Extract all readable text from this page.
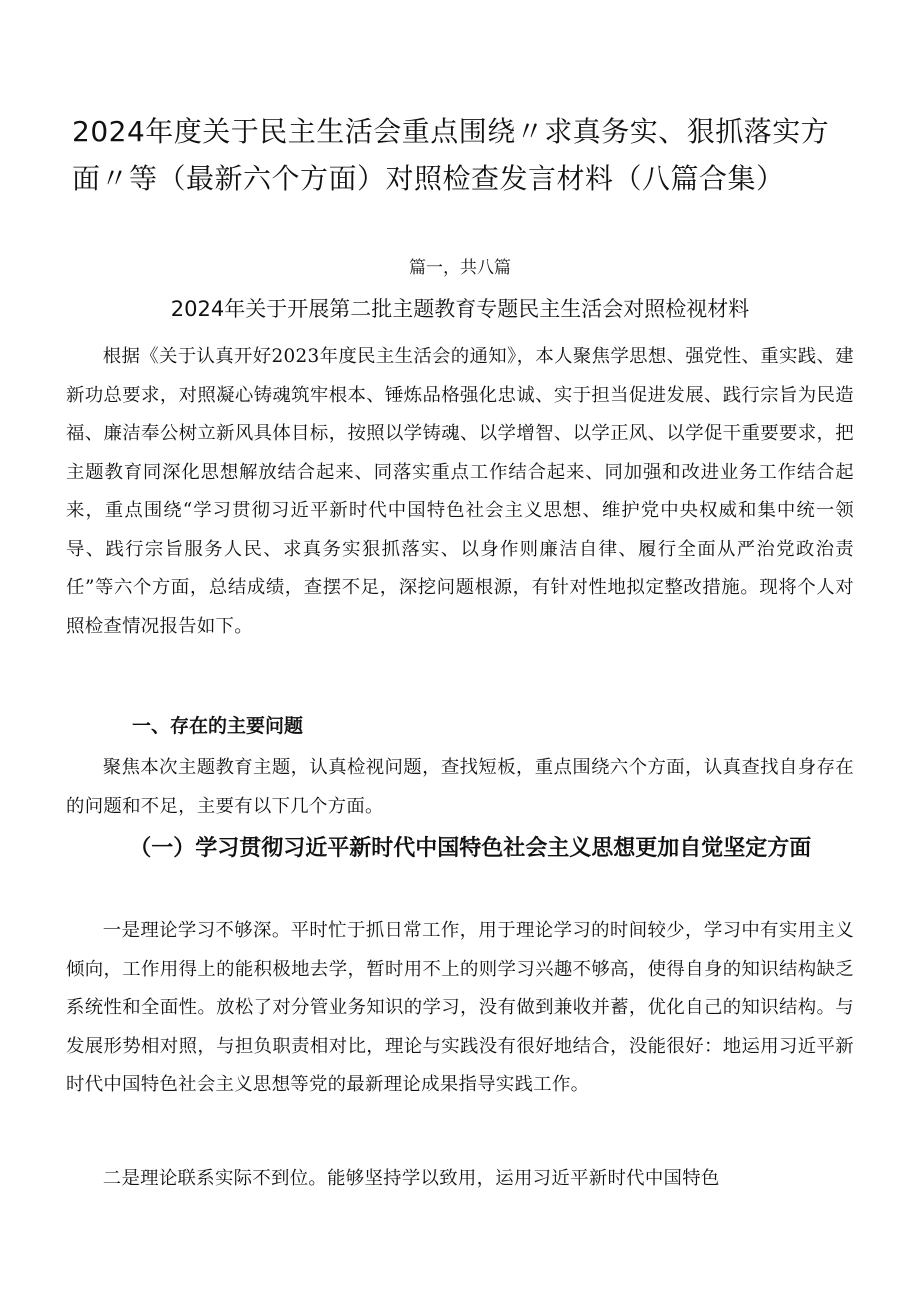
2024年度关于民主生活会重点围绕〃求真务实、狠抓落实方面〃等（最新六个方面）对照检查发言材料（八篇合集）
篇一，共八篇
2024年关于开展第二批主题教育专题民主生活会对照检视材料

根据《关于认真开好2023年度民主生活会的通知》，本人聚焦学思想、强党性、重实践、建新功总要求，对照凝心铸魂筑牢根本、锤炼品格强化忠诚、实于担当促进发展、践行宗旨为民造福、廉洁奉公树立新风具体目标，按照以学铸魂、以学增智、以学正风、以学促干重要要求，把主题教育同深化思想解放结合起来、同落实重点工作结合起来、同加强和改进业务工作结合起来，重点围绕“学习贯彻习近平新时代中国特色社会主义思想、维护党中央权威和集中统一领导、践行宗旨服务人民、求真务实狠抓落实、以身作则廉洁自律、履行全面从严治党政治责任”等六个方面，总结成绩，查摆不足，深挖问题根源，有针对性地拟定整改措施。现将个人对照检查情况报告如下。

一、存在的主要问题

聚焦本次主题教育主题，认真检视问题，查找短板，重点围绕六个方面，认真查找自身存在的问题和不足，主要有以下几个方面。

（一）学习贯彻习近平新时代中国特色社会主义思想更加自觉坚定方面

一是理论学习不够深。平时忙于抓日常工作，用于理论学习的时间较少，学习中有实用主义倾向，工作用得上的能积极地去学，暂时用不上的则学习兴趣不够高，使得自身的知识结构缺乏系统性和全面性。放松了对分管业务知识的学习，没有做到兼收并蓄，优化自己的知识结构。与发展形势相对照，与担负职责相对比，理论与实践没有很好地结合，没能很好：地运用习近平新时代中国特色社会主义思想等党的最新理论成果指导实践工作。

二是理论联系实际不到位。能够坚持学以致用，运用习近平新时代中国特色
